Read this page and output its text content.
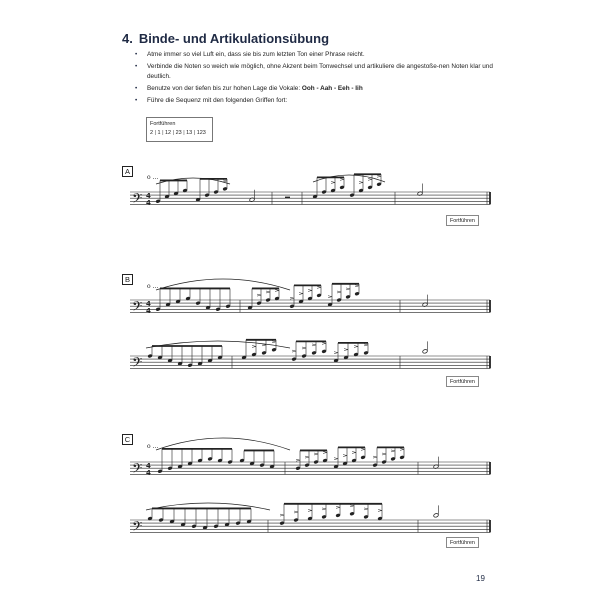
4. Binde- und Artikulationsübung
• Atme immer so viel Luft ein, dass sie bis zum letzten Ton einer Phrase reicht.
• Verbinde die Noten so weich wie möglich, ohne Akzent beim Tonwechsel und artikuliere die angestoße-nen Noten klar und deutlich.
• Benutze von der tiefen bis zur hohen Lage die Vokale: Ooh - Aah - Eeh - Iih
• Führe die Sequenz mit den folgenden Griffen fort:
Fortführen
2 | 1 | 12 | 23 | 13 | 123
𝄢 4
4
𝄢 4
4
𝄢
𝄢 4
4
𝄢
A
B
C
o ...
o ...
o ...
Fortführen
Fortführen
Fortführen
19
